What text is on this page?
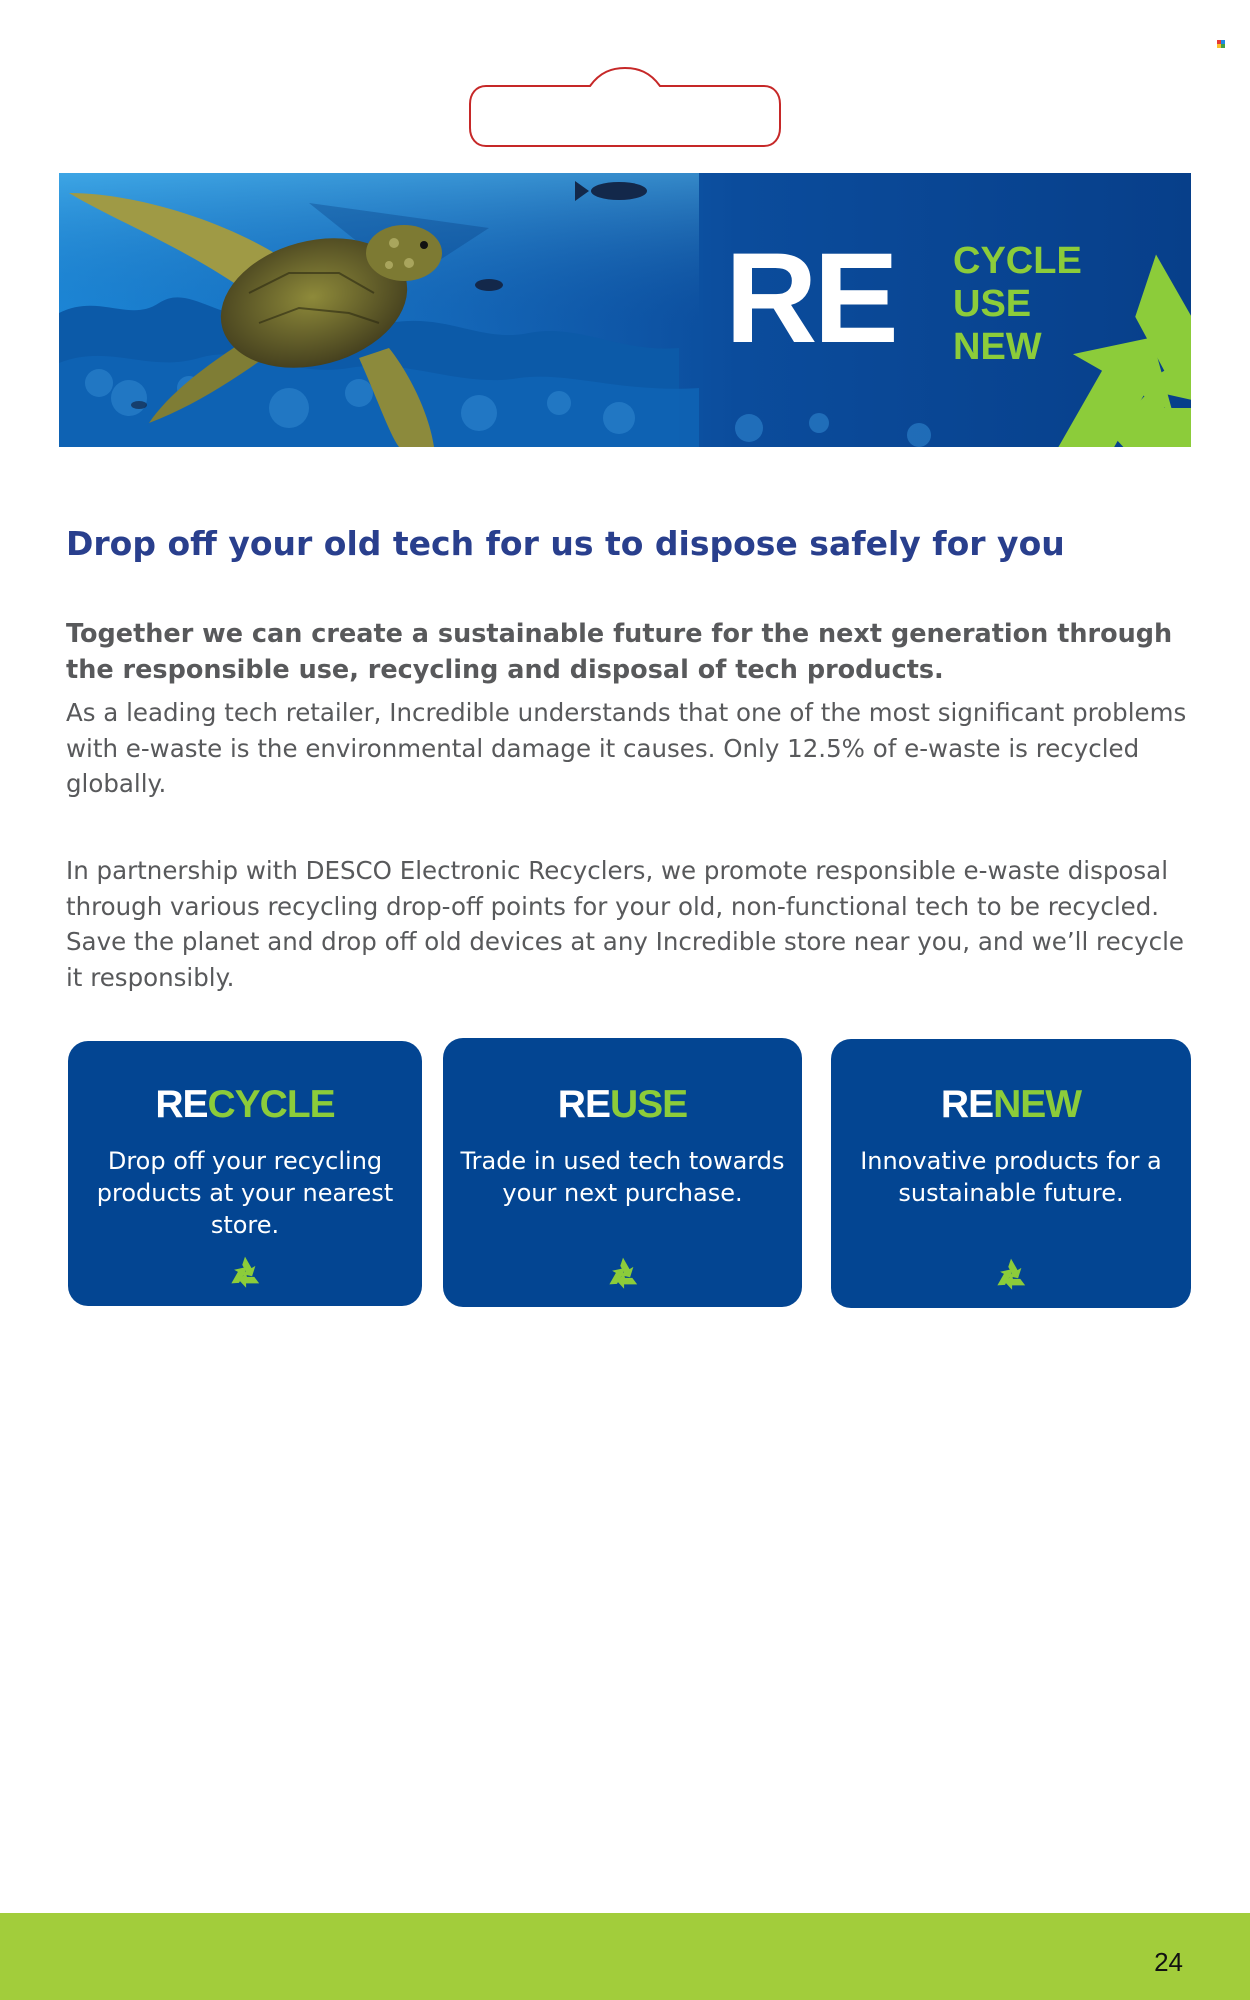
RE CYCLE
USE
NEW
Drop off your old tech for us to dispose safely for you

Together we can create a sustainable future for the next generation through the responsible use, recycling and disposal of tech products.

As a leading tech retailer, Incredible understands that one of the most significant problems with e-waste is the environmental damage it causes. Only 12.5% of e-waste is recycled globally.

In partnership with DESCO Electronic Recyclers, we promote responsible e-waste disposal through various recycling drop-off points for your old, non-functional tech to be recycled. Save the planet and drop off old devices at any Incredible store near you, and we’ll recycle it responsibly.

RECYCLE
Drop off your recycling products at your nearest store.
REUSE
Trade in used tech towards your next purchase.
RENEW
Innovative products for a sustainable future.
24
